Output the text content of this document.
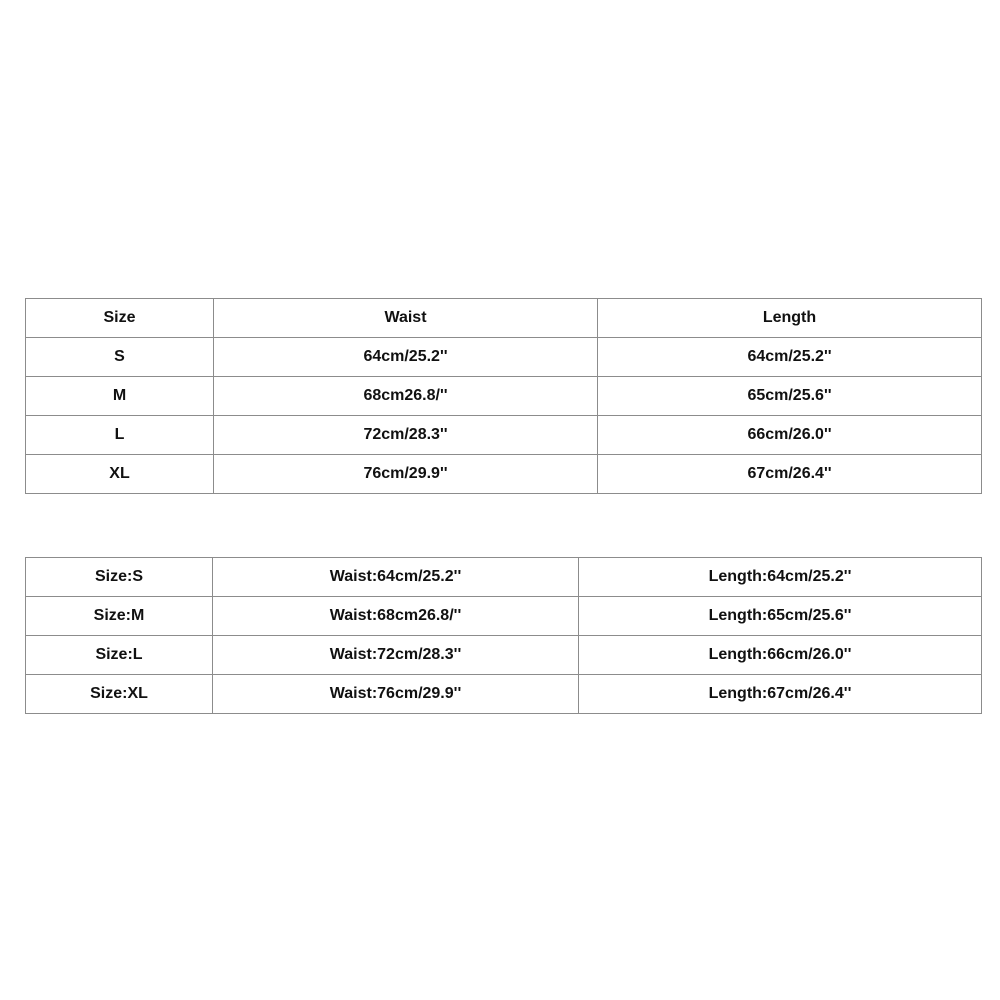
Size	Waist	Length
S	64cm/25.2''	64cm/25.2''
M	68cm26.8/''	65cm/25.6''
L	72cm/28.3''	66cm/26.0''
XL	76cm/29.9''	67cm/26.4''
Size:S	Waist:64cm/25.2''	Length:64cm/25.2''
Size:M	Waist:68cm26.8/''	Length:65cm/25.6''
Size:L	Waist:72cm/28.3''	Length:66cm/26.0''
Size:XL	Waist:76cm/29.9''	Length:67cm/26.4''
